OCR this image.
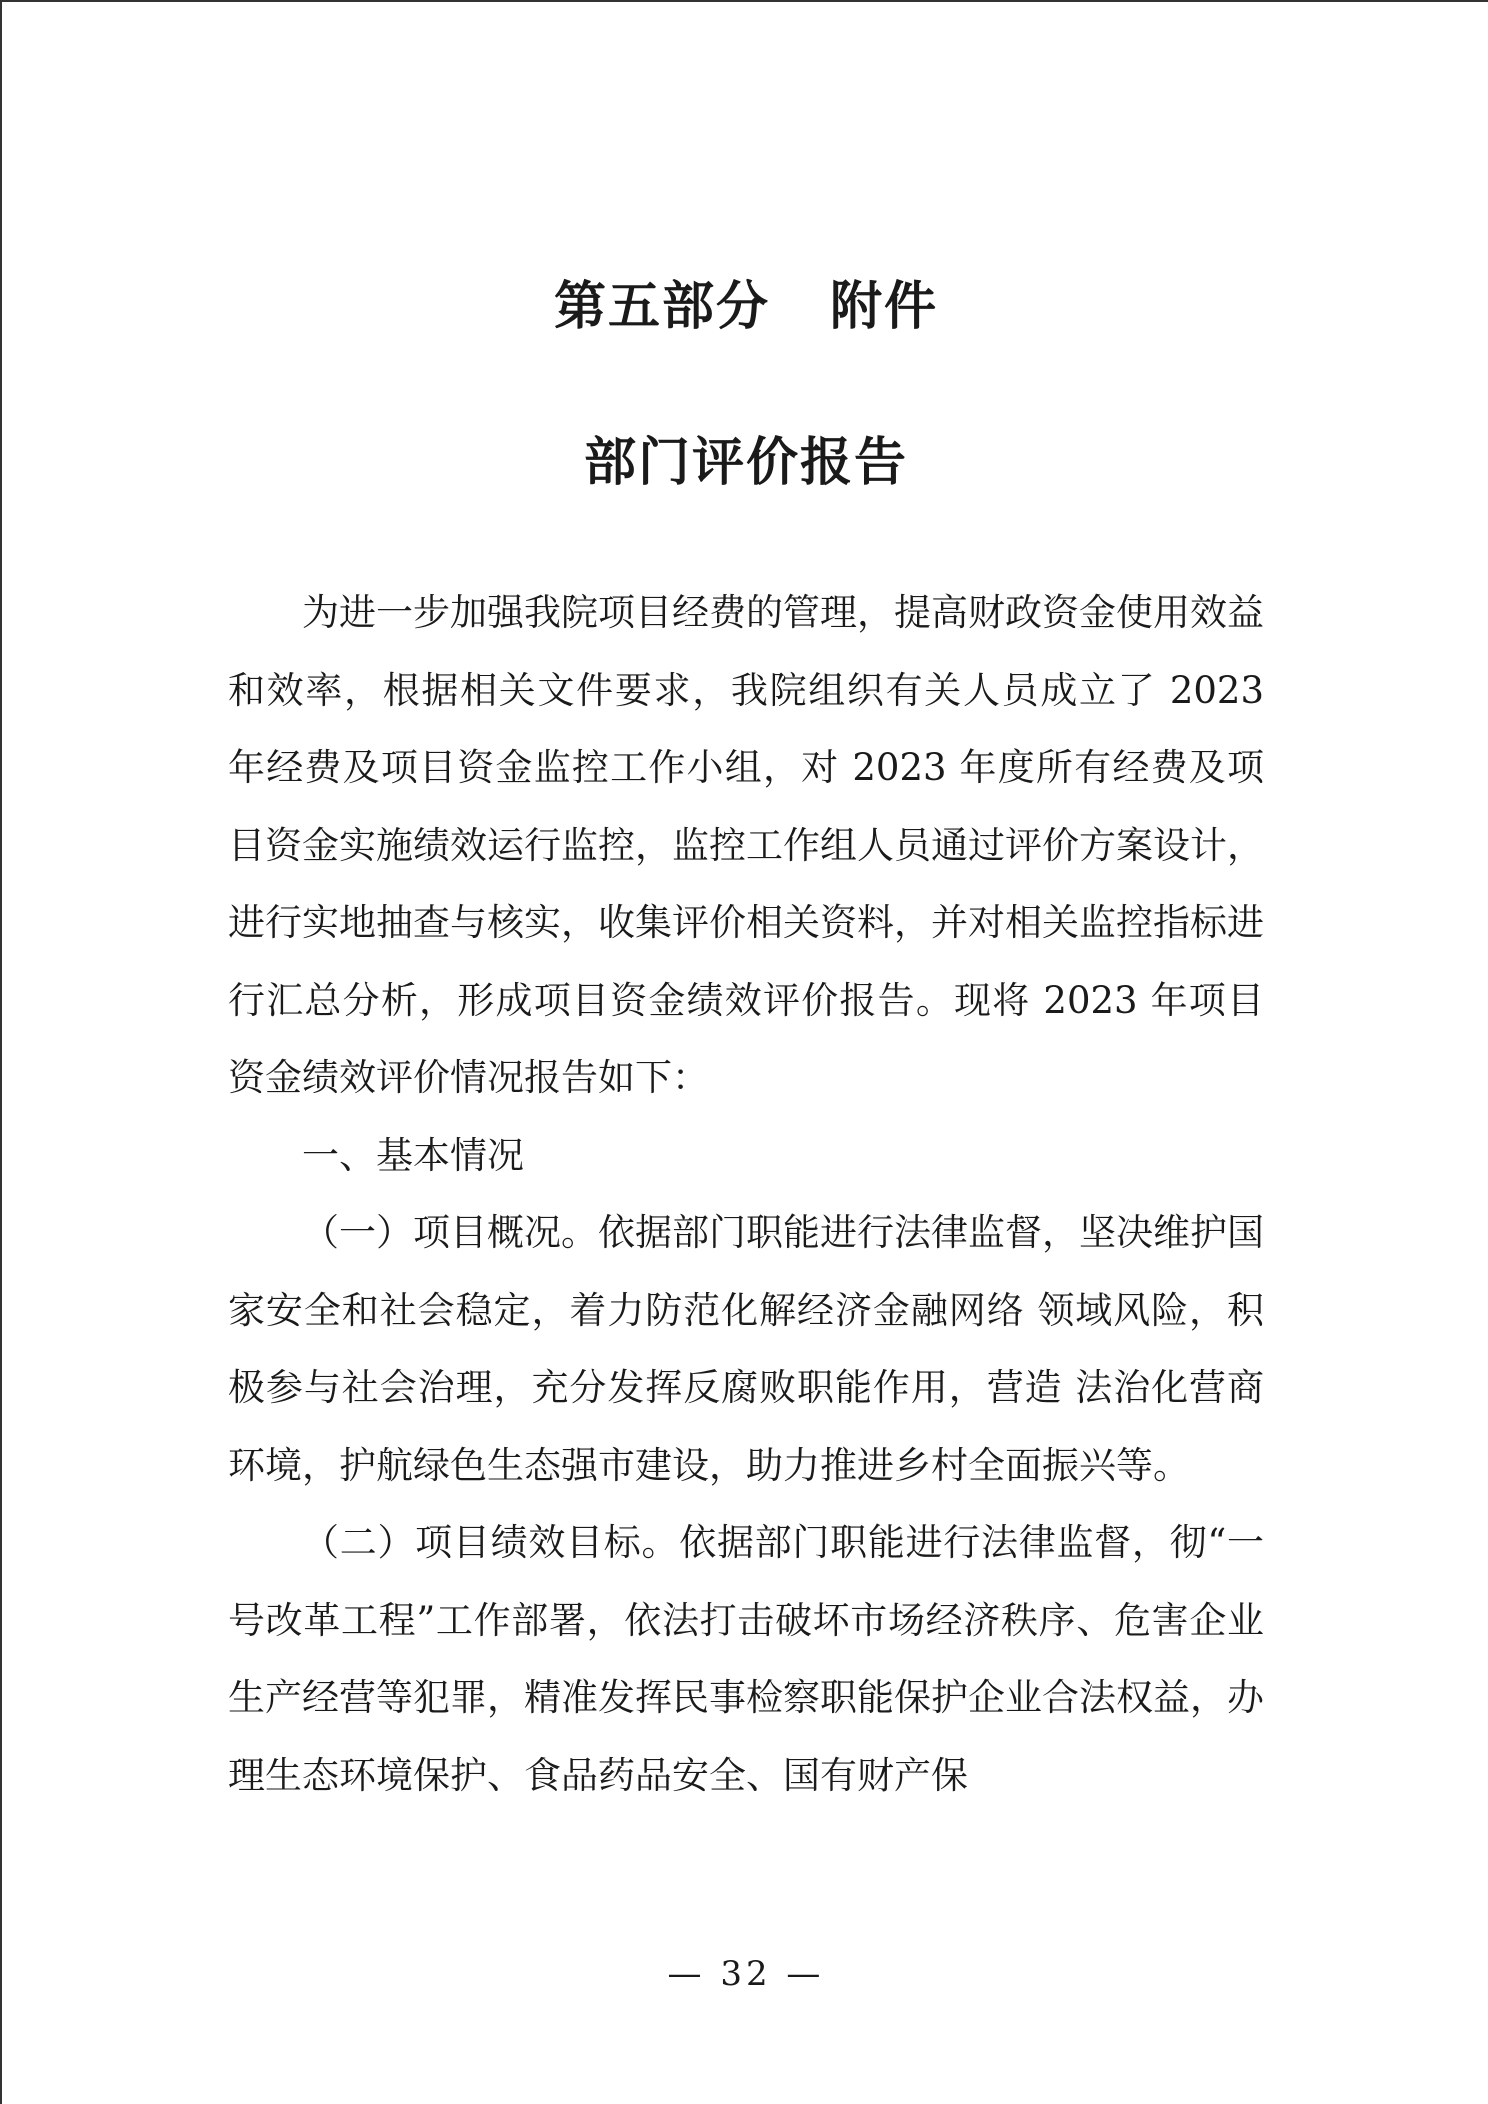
第五部分 附件
部门评价报告

为进一步加强我院项目经费的管理，提高财政资金使用效益和效率，根据相关文件要求，我院组织有关人员成立了 2023 年经费及项目资金监控工作小组，对 2023 年度所有经费及项目资金实施绩效运行监控，监控工作组人员通过评价方案设计，进行实地抽查与核实，收集评价相关资料，并对相关监控指标进行汇总分析，形成项目资金绩效评价报告。现将 2023 年项目资金绩效评价情况报告如下：

一、基本情况

（一）项目概况。依据部门职能进行法律监督，坚决维护国家安全和社会稳定，着力防范化解经济金融网络 领域风险，积极参与社会治理，充分发挥反腐败职能作用，营造 法治化营商环境，护航绿色生态强市建设，助力推进乡村全面振兴等。

（二）项目绩效目标。依据部门职能进行法律监督，彻“一号改革工程”工作部署，依法打击破坏市场经济秩序、危害企业生产经营等犯罪，精准发挥民事检察职能保护企业合法权益，办理生态环境保护、食品药品安全、国有财产保

— 32 —
